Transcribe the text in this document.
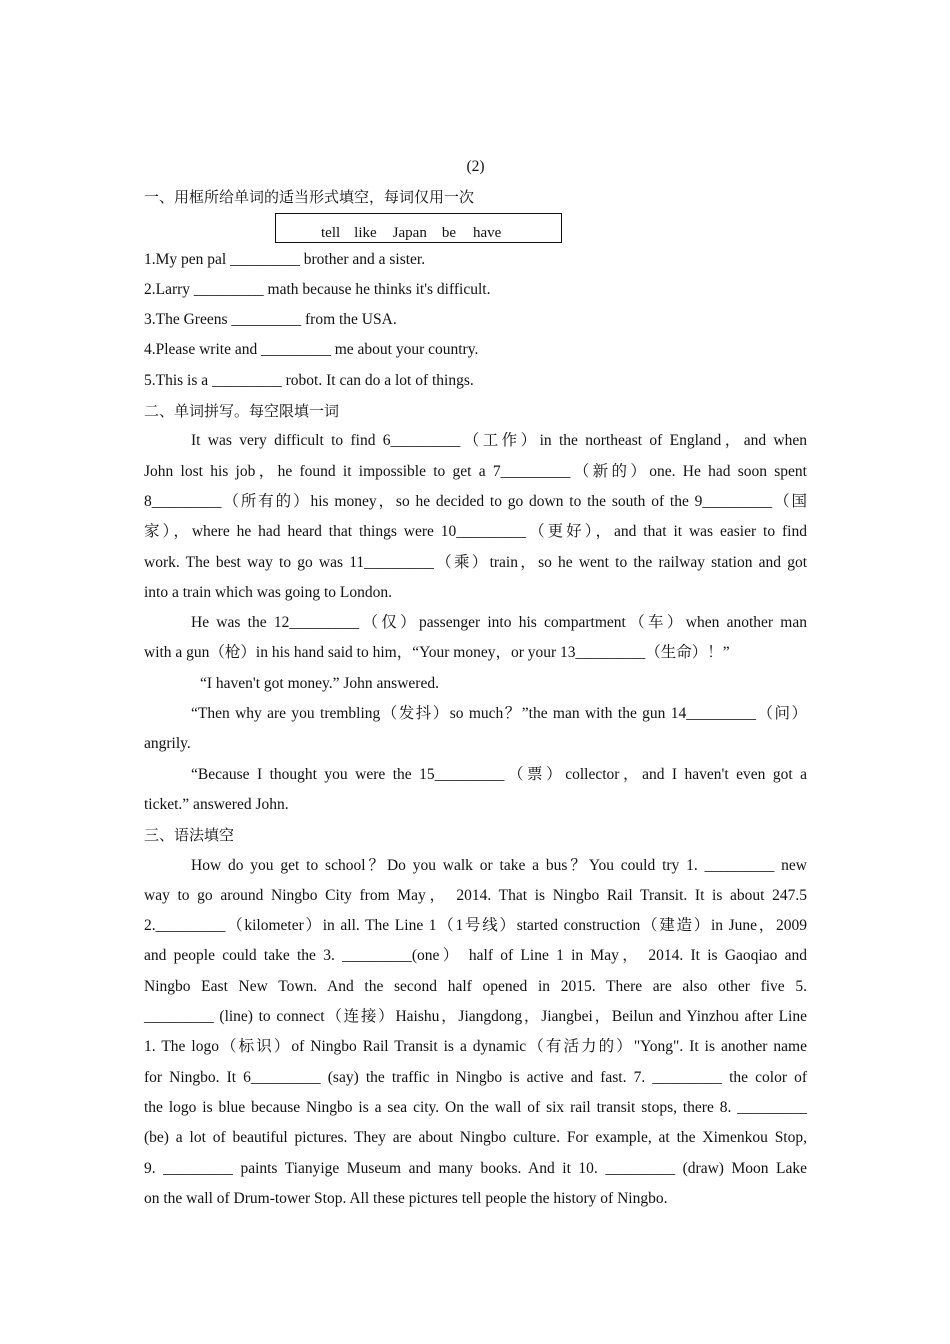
(2)
一、用框所给单词的适当形式填空，每词仅用一次
tell like Japan be have
1.My pen pal _________ brother and a sister.
2.Larry _________ math because he thinks it's difficult.
3.The Greens _________ from the USA.
4.Please write and _________ me about your country.
5.This is a _________ robot. It can do a lot of things.
二、单词拼写。每空限填一词
It was very difficult to find 6_________（工作）in the northeast of England，and when
John lost his job，he found it impossible to get a 7_________（新的）one. He had soon spent
8_________（所有的）his money，so he decided to go down to the south of the 9_________（国
家），where he had heard that things were 10_________（更好），and that it was easier to find
work. The best way to go was 11_________（乘）train，so he went to the railway station and got
into a train which was going to London.
He was the 12_________（仅）passenger into his compartment（车）when another man
with a gun（枪）in his hand said to him，“Your money，or your 13_________（生命）！”
“I haven't got money.” John answered.
“Then why are you trembling（发抖）so much？”the man with the gun 14_________（问）
angrily.
“Because I thought you were the 15_________（票）collector，and I haven't even got a
ticket.” answered John.
三、语法填空
How do you get to school？Do you walk or take a bus？You could try 1. _________ new
way to go around Ningbo City from May， 2014. That is Ningbo Rail Transit. It is about 247.5
2._________（kilometer）in all. The Line 1（1号线）started construction（建造）in June，2009
and people could take the 3. _________(one） half of Line 1 in May， 2014. It is Gaoqiao and
Ningbo East New Town. And the second half opened in 2015. There are also other five 5.
_________ (line) to connect（连接）Haishu，Jiangdong，Jiangbei，Beilun and Yinzhou after Line
1. The logo（标识）of Ningbo Rail Transit is a dynamic（有活力的）"Yong". It is another name
for Ningbo. It 6_________ (say) the traffic in Ningbo is active and fast. 7. _________ the color of
the logo is blue because Ningbo is a sea city. On the wall of six rail transit stops, there 8. _________
(be) a lot of beautiful pictures. They are about Ningbo culture. For example, at the Ximenkou Stop,
9. _________ paints Tianyige Museum and many books. And it 10. _________ (draw) Moon Lake
on the wall of Drum-tower Stop. All these pictures tell people the history of Ningbo.
